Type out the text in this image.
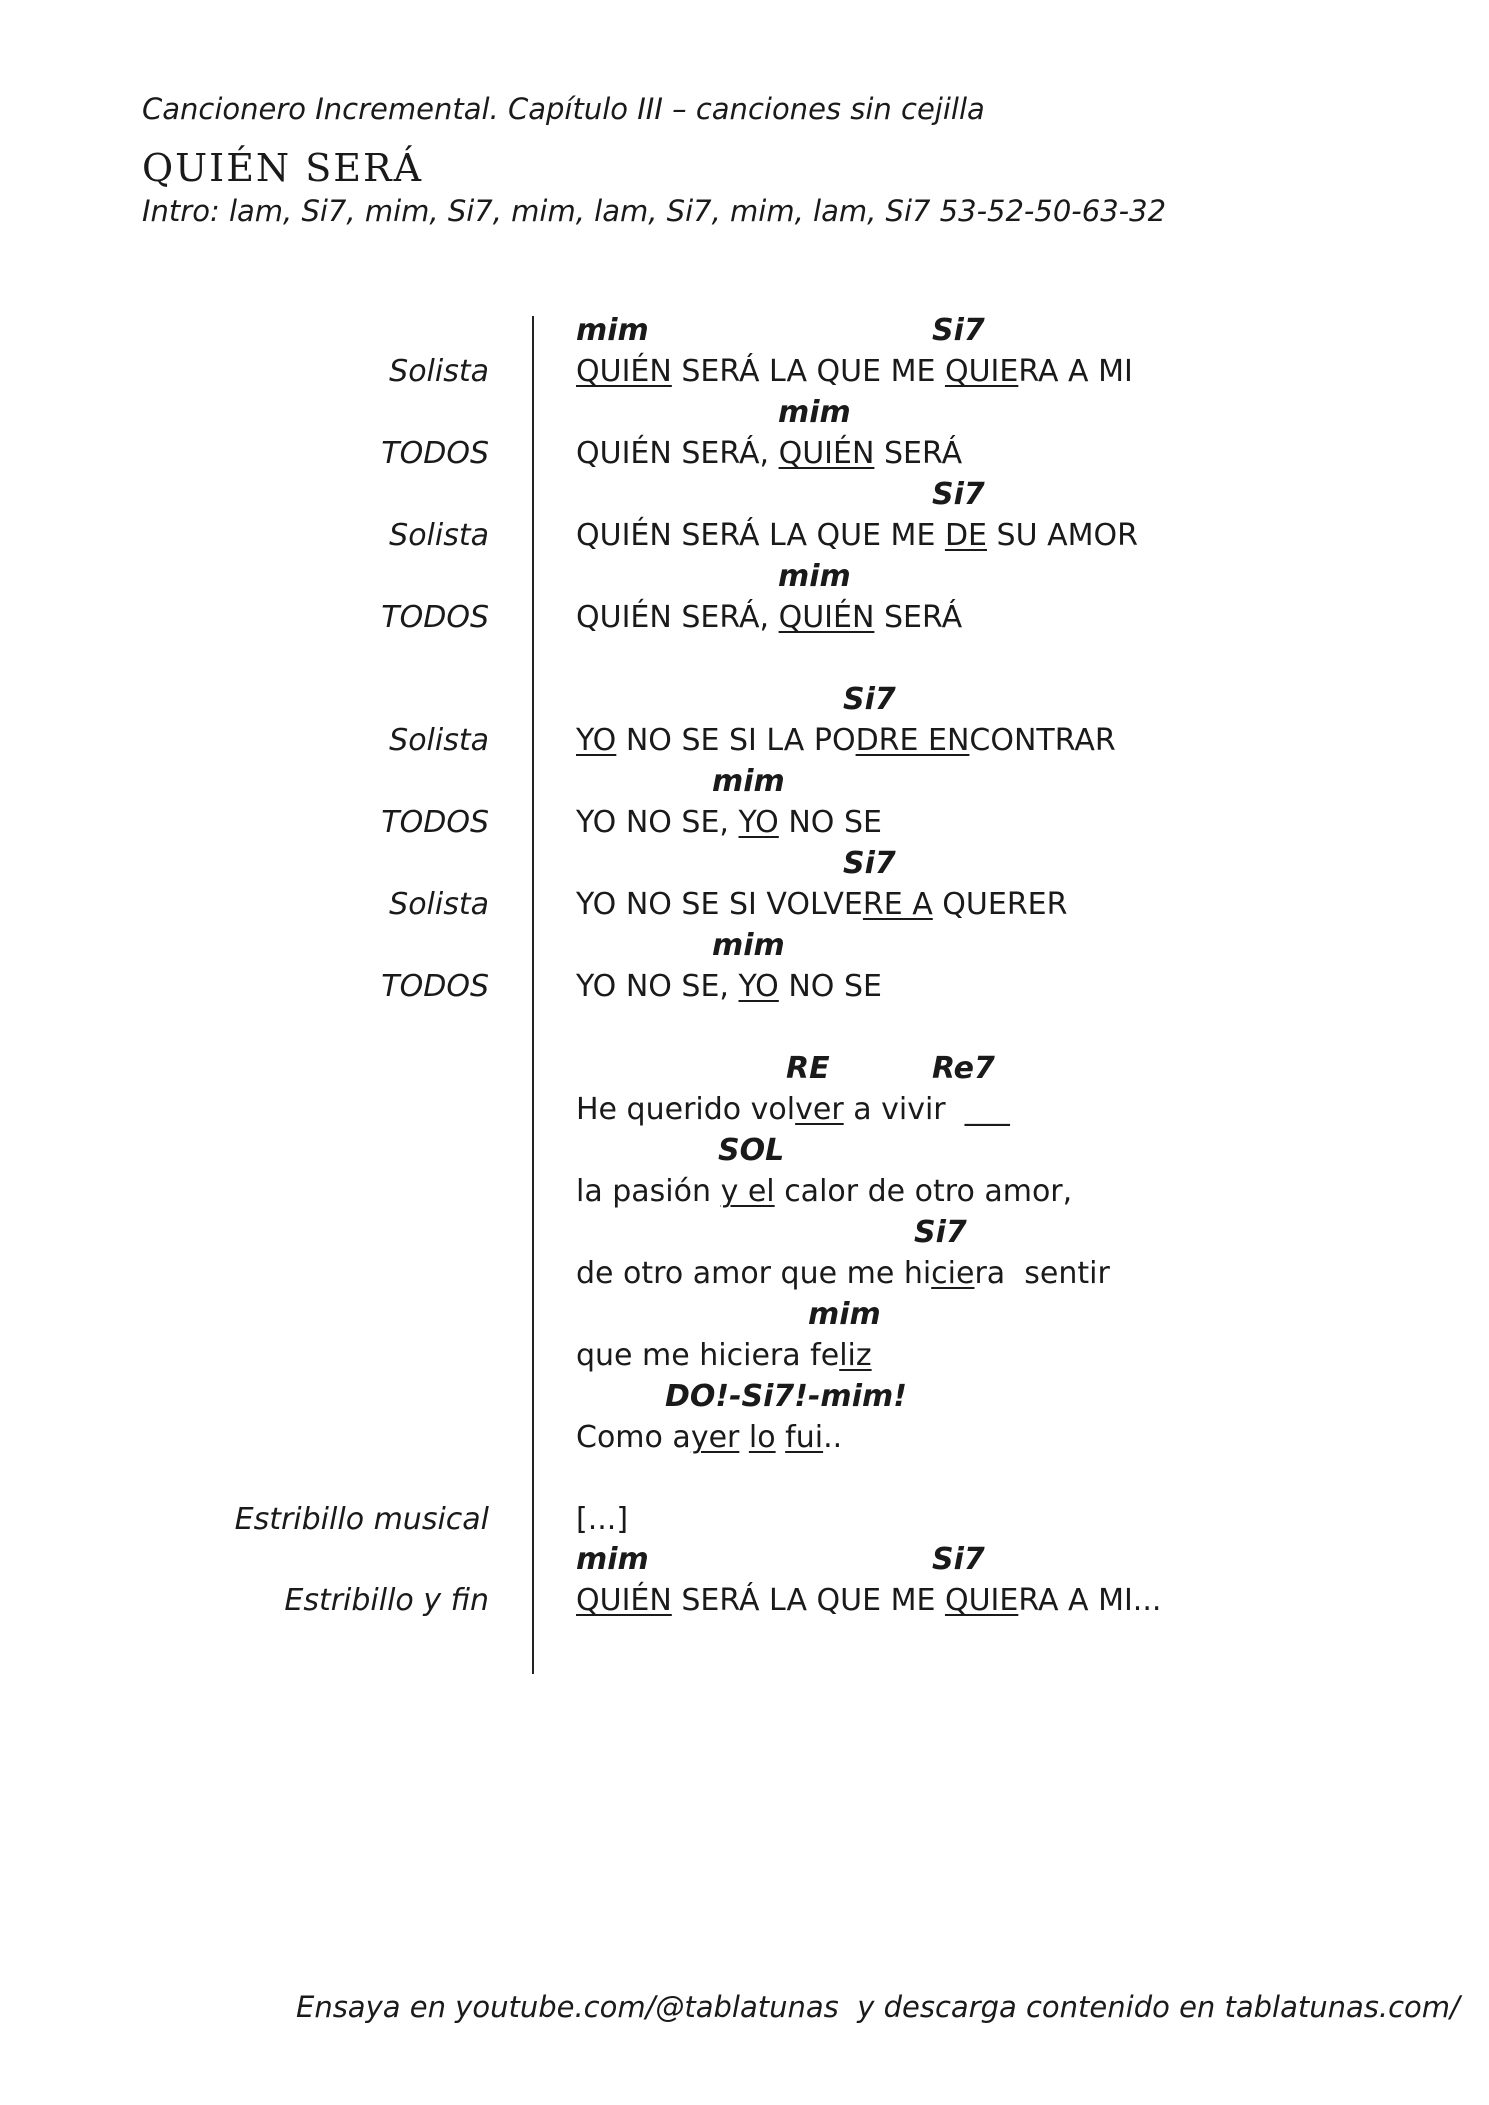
Cancionero Incremental. Capítulo III – canciones sin cejilla
QUIÉN SERÁ
Intro: lam, Si7, mim, Si7, mim, lam, Si7, mim, lam, Si7 53-52-50-63-32
mim	Si7
Solista	QUIÉN SERÁ LA QUE ME QUIERA A MI
mim
TODOS	QUIÉN SERÁ, QUIÉN SERÁ
Si7
Solista	QUIÉN SERÁ LA QUE ME DE SU AMOR
mim
TODOS	QUIÉN SERÁ, QUIÉN SERÁ
Si7
Solista	YO NO SE SI LA PODRE ENCONTRAR
mim
TODOS	YO NO SE, YO NO SE
Si7
Solista	YO NO SE SI VOLVERE A QUERER
mim
TODOS	YO NO SE, YO NO SE
RE	Re7
He querido volver a vivir  ___
SOL
la pasión y el calor de otro amor,
Si7
de otro amor que me hiciera  sentir
mim
que me hiciera feliz
DO!-Si7!-mim!
Como ayer lo fui..
Estribillo musical	[...]
mim	Si7
Estribillo y fin	QUIÉN SERÁ LA QUE ME QUIERA A MI...
Ensaya en youtube.com/@tablatunas  y descarga contenido en tablatunas.com/
